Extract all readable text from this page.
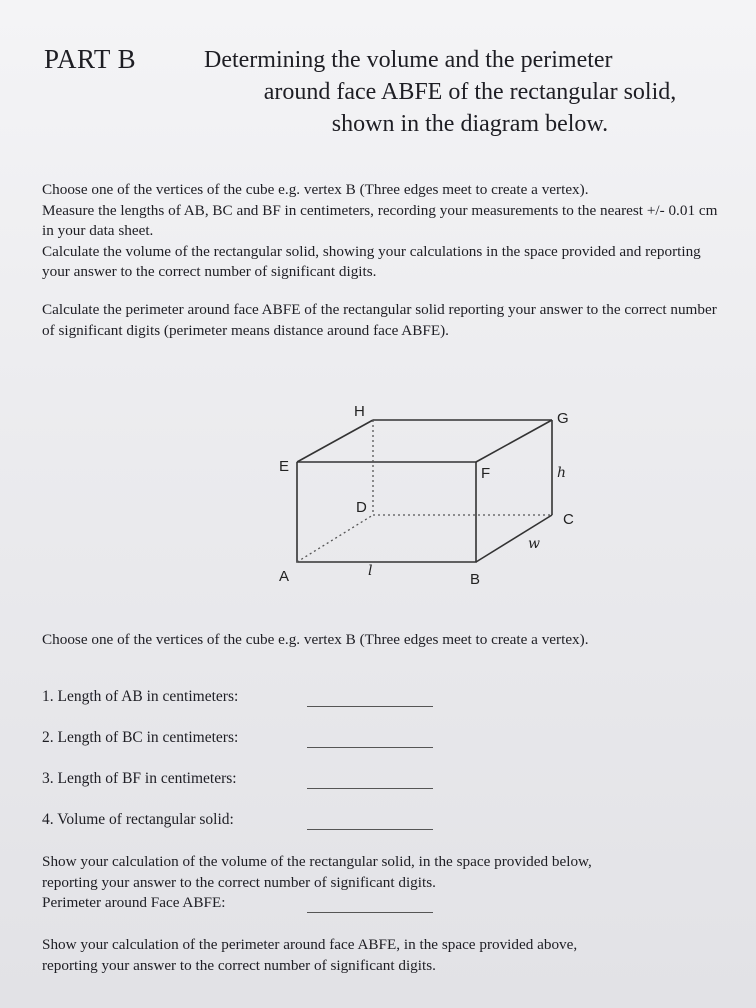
PART B	Determining the volume and the perimeter
around face ABFE of the rectangular solid,
shown in the diagram below.
Choose one of the vertices of the cube e.g. vertex B (Three edges meet to create a vertex).
Measure the lengths of AB, BC and BF in centimeters, recording your measurements to the nearest +/- 0.01 cm in your data sheet.
Calculate the volume of the rectangular solid, showing your calculations in the space provided and reporting your answer to the correct number of significant digits.
Calculate the perimeter around face ABFE of the rectangular solid reporting your answer to the correct number of significant digits (perimeter means distance around face ABFE).
H	G
E	F
D
C
A	B
h
w
l
Choose one of the vertices of the cube e.g. vertex B (Three edges meet to create a vertex).
1. Length of AB in centimeters:
2. Length of BC in centimeters:
3. Length of BF in centimeters:
4. Volume of rectangular solid:
Show your calculation of the volume of the rectangular solid, in the space provided below,
reporting your answer to the correct number of significant digits.
Perimeter around Face ABFE:
Show your calculation of the perimeter around face ABFE, in the space provided above,
reporting your answer to the correct number of significant digits.
